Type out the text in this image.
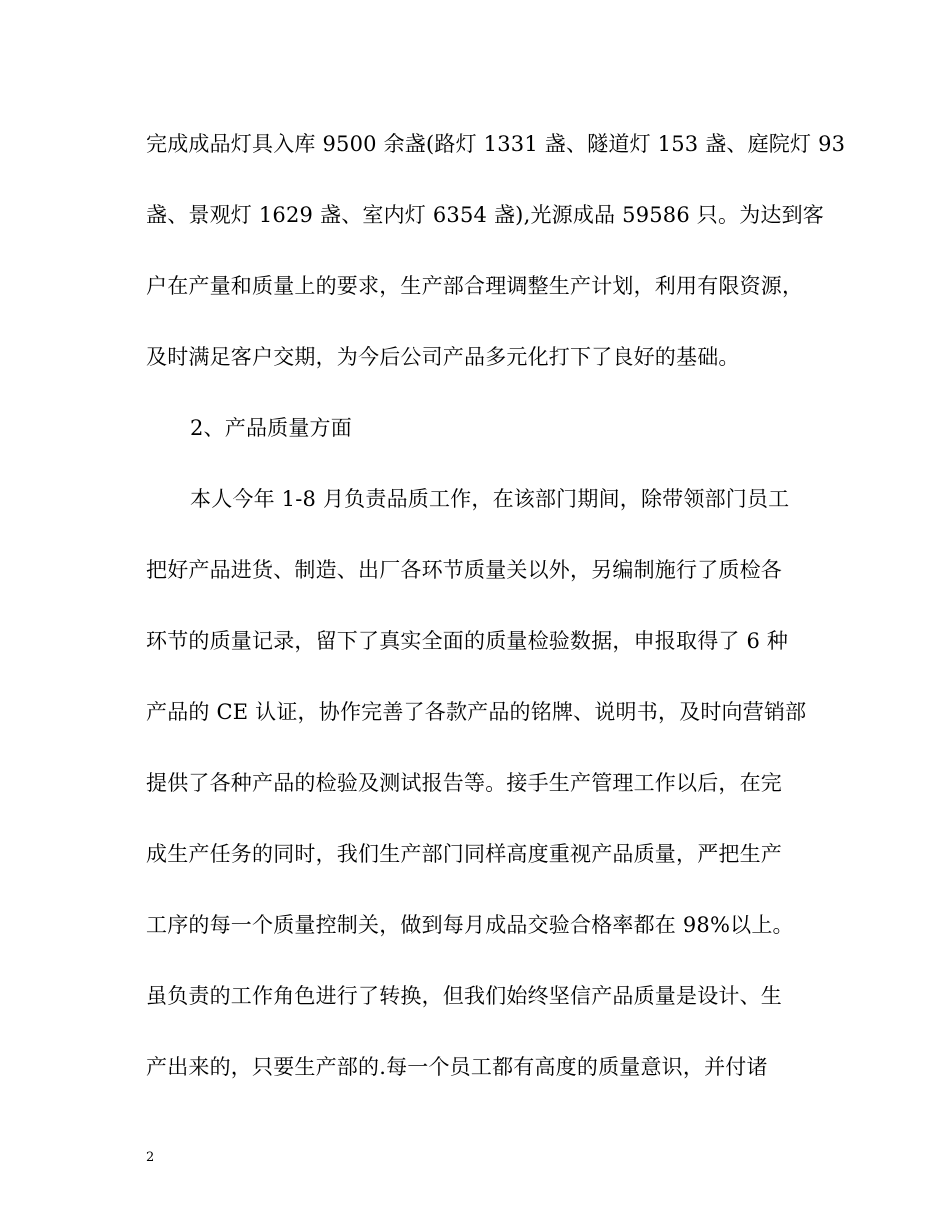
完成成品灯具入库 9500 余盏(路灯 1331 盏、隧道灯 153 盏、庭院灯 93
盏、景观灯 1629 盏、室内灯 6354 盏),光源成品 59586 只。为达到客
户在产量和质量上的要求，生产部合理调整生产计划，利用有限资源，
及时满足客户交期，为今后公司产品多元化打下了良好的基础。
2、产品质量方面
本人今年 1-8 月负责品质工作，在该部门期间，除带领部门员工
把好产品进货、制造、出厂各环节质量关以外，另编制施行了质检各
环节的质量记录，留下了真实全面的质量检验数据，申报取得了 6 种
产品的 CE 认证，协作完善了各款产品的铭牌、说明书，及时向营销部
提供了各种产品的检验及测试报告等。接手生产管理工作以后，在完
成生产任务的同时，我们生产部门同样高度重视产品质量，严把生产
工序的每一个质量控制关，做到每月成品交验合格率都在 98%以上。
虽负责的工作角色进行了转换，但我们始终坚信产品质量是设计、生
产出来的，只要生产部的.每一个员工都有高度的质量意识，并付诸
2
